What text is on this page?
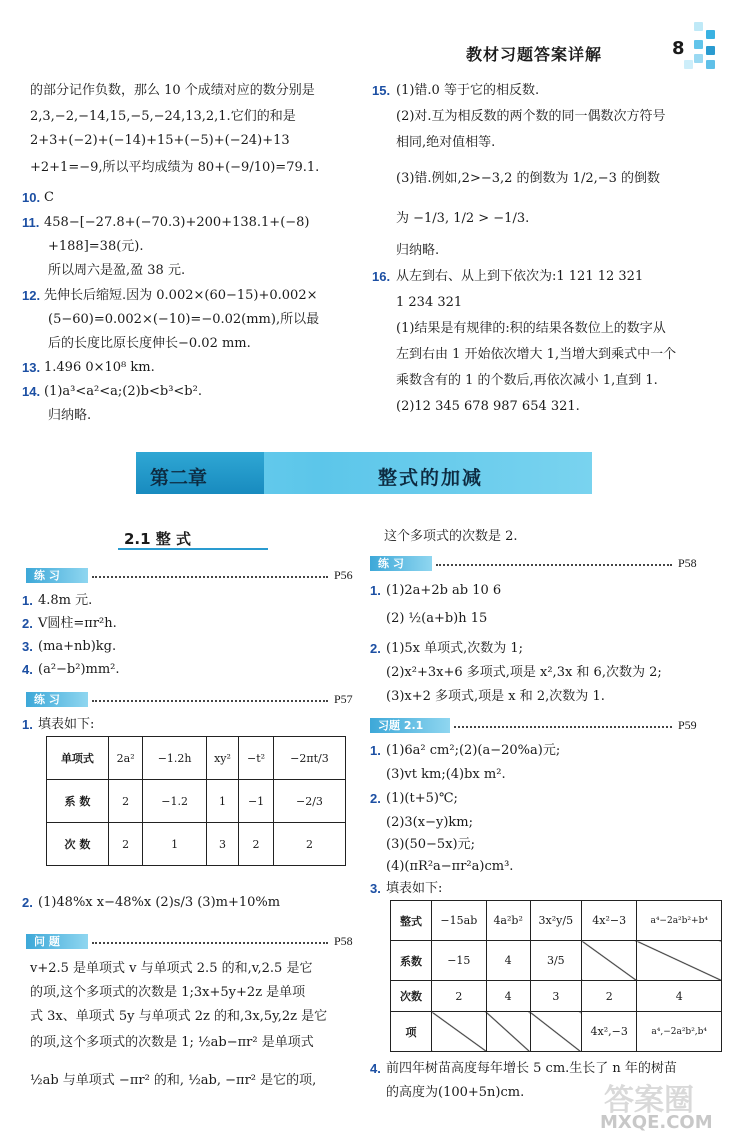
教材习题答案详解	8
的部分记作负数，那么 10 个成绩对应的数分别是
2,3,−2,−14,15,−5,−24,13,2,1.它们的和是
2+3+(−2)+(−14)+15+(−5)+(−24)+13
+2+1=−9,所以平均成绩为 80+(−9/10)=79.1.
10. C
11. 458−[−27.8+(−70.3)+200+138.1+(−8)
+188]=38(元).
所以周六是盈,盈 38 元.
12. 先伸长后缩短.因为 0.002×(60−15)+0.002×
(5−60)=0.002×(−10)=−0.02(mm),所以最
后的长度比原长度伸长−0.02 mm.
13. 1.496 0×10⁸ km.
14. (1)a³<a²<a;(2)b<b³<b².
归纳略.
15. (1)错.0 等于它的相反数.
(2)对.互为相反数的两个数的同一偶数次方符号
相同,绝对值相等.
(3)错.例如,2>−3,2 的倒数为 1/2,−3 的倒数
为 −1/3, 1/2 > −1/3.
归纳略.
16. 从左到右、从上到下依次为:1 121 12 321
1 234 321
(1)结果是有规律的:积的结果各数位上的数字从
左到右由 1 开始依次增大 1,当增大到乘式中一个
乘数含有的 1 的个数后,再依次减小 1,直到 1.
(2)12 345 678 987 654 321.
第二章	整式的加减
2.1 整 式
练 习	P56
1. 4.8m 元.
2. V圆柱=πr²h.
3. (ma+nb)kg.
4. (a²−b²)mm².
练 习	P57
1. 填表如下:
单项式	2a²	−1.2h	xy²	−t²	−2πt/3
系 数	2	−1.2	1	−1	−2/3
次 数	2	1	3	2	2
2. (1)48%x x−48%x (2)s/3 (3)m+10%m
问 题	P58
v+2.5 是单项式 v 与单项式 2.5 的和,v,2.5 是它
的项,这个多项式的次数是 1;3x+5y+2z 是单项
式 3x、单项式 5y 与单项式 2z 的和,3x,5y,2z 是它
的项,这个多项式的次数是 1; ½ab−πr² 是单项式
½ab 与单项式 −πr² 的和, ½ab, −πr² 是它的项,
这个多项式的次数是 2.
练 习	P58
1. (1)2a+2b ab 10 6
(2) ½(a+b)h 15
2. (1)5x 单项式,次数为 1;
(2)x²+3x+6 多项式,项是 x²,3x 和 6,次数为 2;
(3)x+2 多项式,项是 x 和 2,次数为 1.
习题 2.1	P59
1. (1)6a² cm²;(2)(a−20%a)元;
(3)vt km;(4)bx m².
2. (1)(t+5)℃;
(2)3(x−y)km;
(3)(50−5x)元;
(4)(πR²a−πr²a)cm³.
3. 填表如下:
整式	−15ab	4a²b²	3x²y/5	4x²−3	a⁴−2a²b²+b⁴
系数	−15	4	3/5		
次数	2	4	3	2	4
项				4x²,−3	a⁴,−2a²b²,b⁴
4. 前四年树苗高度每年增长 5 cm.生长了 n 年的树苗
的高度为(100+5n)cm.	答案圈
MXQE.COM
